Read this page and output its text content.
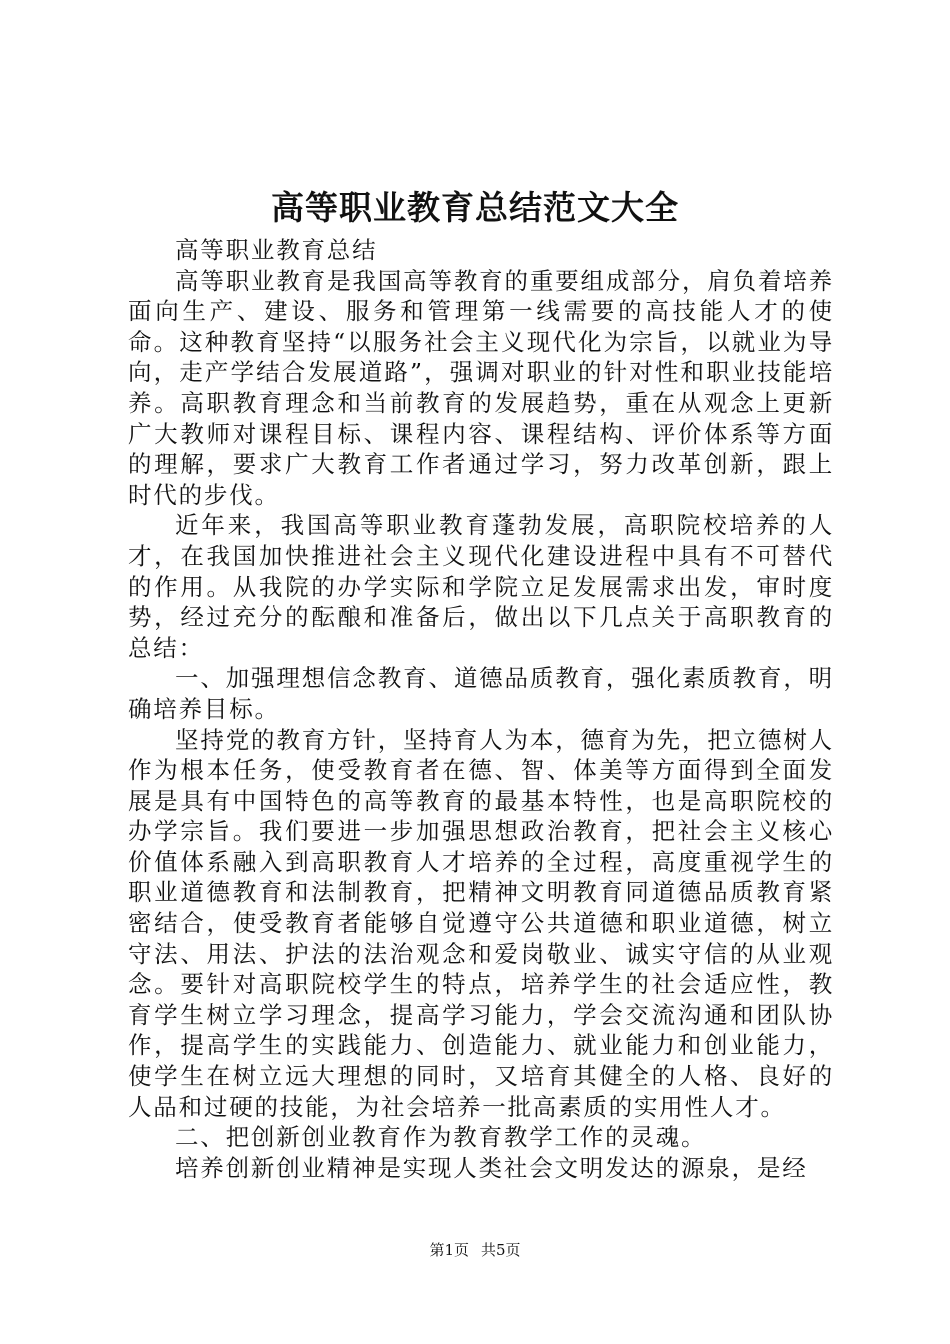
高等职业教育总结范文大全

高等职业教育总结

高等职业教育是我国高等教育的重要组成部分，肩负着培养面向生产、建设、服务和管理第一线需要的高技能人才的使命。这种教育坚持“以服务社会主义现代化为宗旨，以就业为导向，走产学结合发展道路”，强调对职业的针对性和职业技能培养。高职教育理念和当前教育的发展趋势，重在从观念上更新广大教师对课程目标、课程内容、课程结构、评价体系等方面的理解，要求广大教育工作者通过学习，努力改革创新，跟上时代的步伐。

近年来，我国高等职业教育蓬勃发展，高职院校培养的人才，在我国加快推进社会主义现代化建设进程中具有不可替代的作用。从我院的办学实际和学院立足发展需求出发，审时度势，经过充分的酝酿和准备后，做出以下几点关于高职教育的总结：

一、加强理想信念教育、道德品质教育，强化素质教育，明确培养目标。

坚持党的教育方针，坚持育人为本，德育为先，把立德树人作为根本任务，使受教育者在德、智、体美等方面得到全面发展是具有中国特色的高等教育的最基本特性，也是高职院校的办学宗旨。我们要进一步加强思想政治教育，把社会主义核心价值体系融入到高职教育人才培养的全过程，高度重视学生的职业道德教育和法制教育，把精神文明教育同道德品质教育紧密结合，使受教育者能够自觉遵守公共道德和职业道德，树立守法、用法、护法的法治观念和爱岗敬业、诚实守信的从业观念。要针对高职院校学生的特点，培养学生的社会适应性，教育学生树立学习理念，提高学习能力，学会交流沟通和团队协作，提高学生的实践能力、创造能力、就业能力和创业能力，使学生在树立远大理想的同时，又培育其健全的人格、良好的人品和过硬的技能，为社会培养一批高素质的实用性人才。

二、把创新创业教育作为教育教学工作的灵魂。

培养创新创业精神是实现人类社会文明发达的源泉，是经

第1页 共5页
